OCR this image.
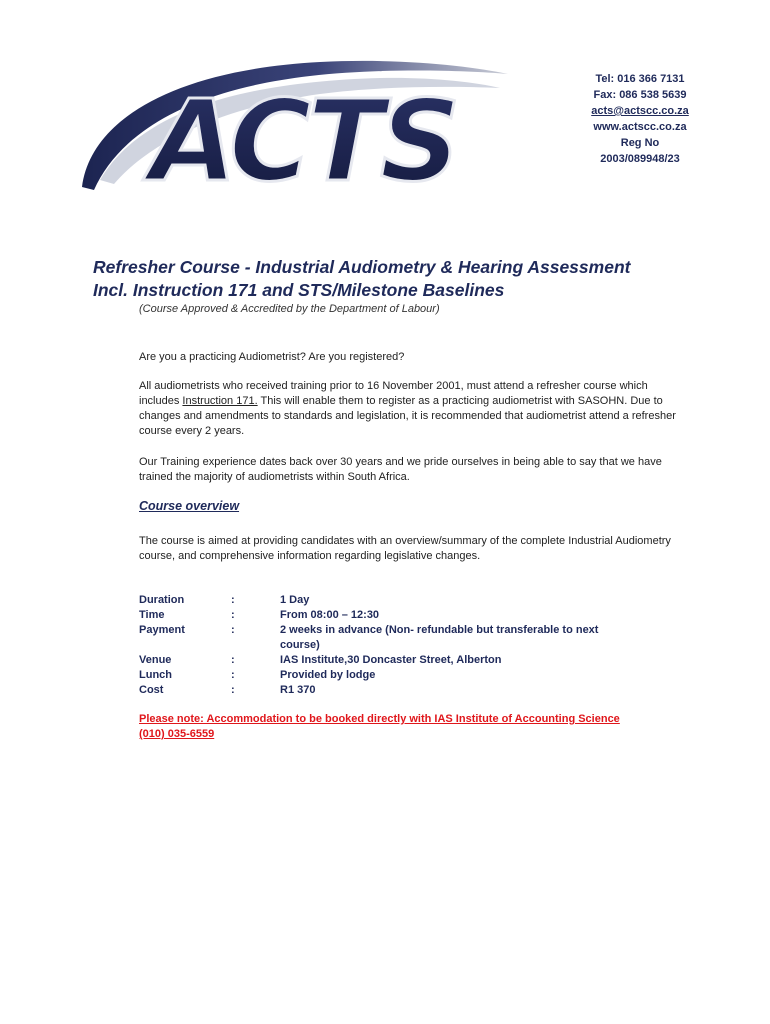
ACTS	Tel: 016 366 7131
Fax: 086 538 5639
acts@actscc.co.za
www.actscc.co.za
Reg No
2003/089948/23
Refresher Course - Industrial Audiometry & Hearing Assessment
Incl. Instruction 171 and STS/Milestone Baselines
(Course Approved & Accredited by the Department of Labour)
Are you a practicing Audiometrist? Are you registered?
All audiometrists who received training prior to 16 November 2001, must attend a refresher course which includes Instruction 171. This will enable them to register as a practicing audiometrist with SASOHN. Due to changes and amendments to standards and legislation, it is recommended that audiometrist attend a refresher course every 2 years.
Our Training experience dates back over 30 years and we pride ourselves in being able to say that we have trained the majority of audiometrists within South Africa.
Course overview
The course is aimed at providing candidates with an overview/summary of the complete Industrial Audiometry course, and comprehensive information regarding legislative changes.
Duration	:	1 Day
Time	:	From 08:00 – 12:30
Payment	:	2 weeks in advance (Non- refundable but transferable to next course)
Venue	:	IAS Institute,30 Doncaster Street, Alberton
Lunch	:	Provided by lodge
Cost	:	R1 370
Please note: Accommodation to be booked directly with IAS Institute of Accounting Science
(010) 035-6559
